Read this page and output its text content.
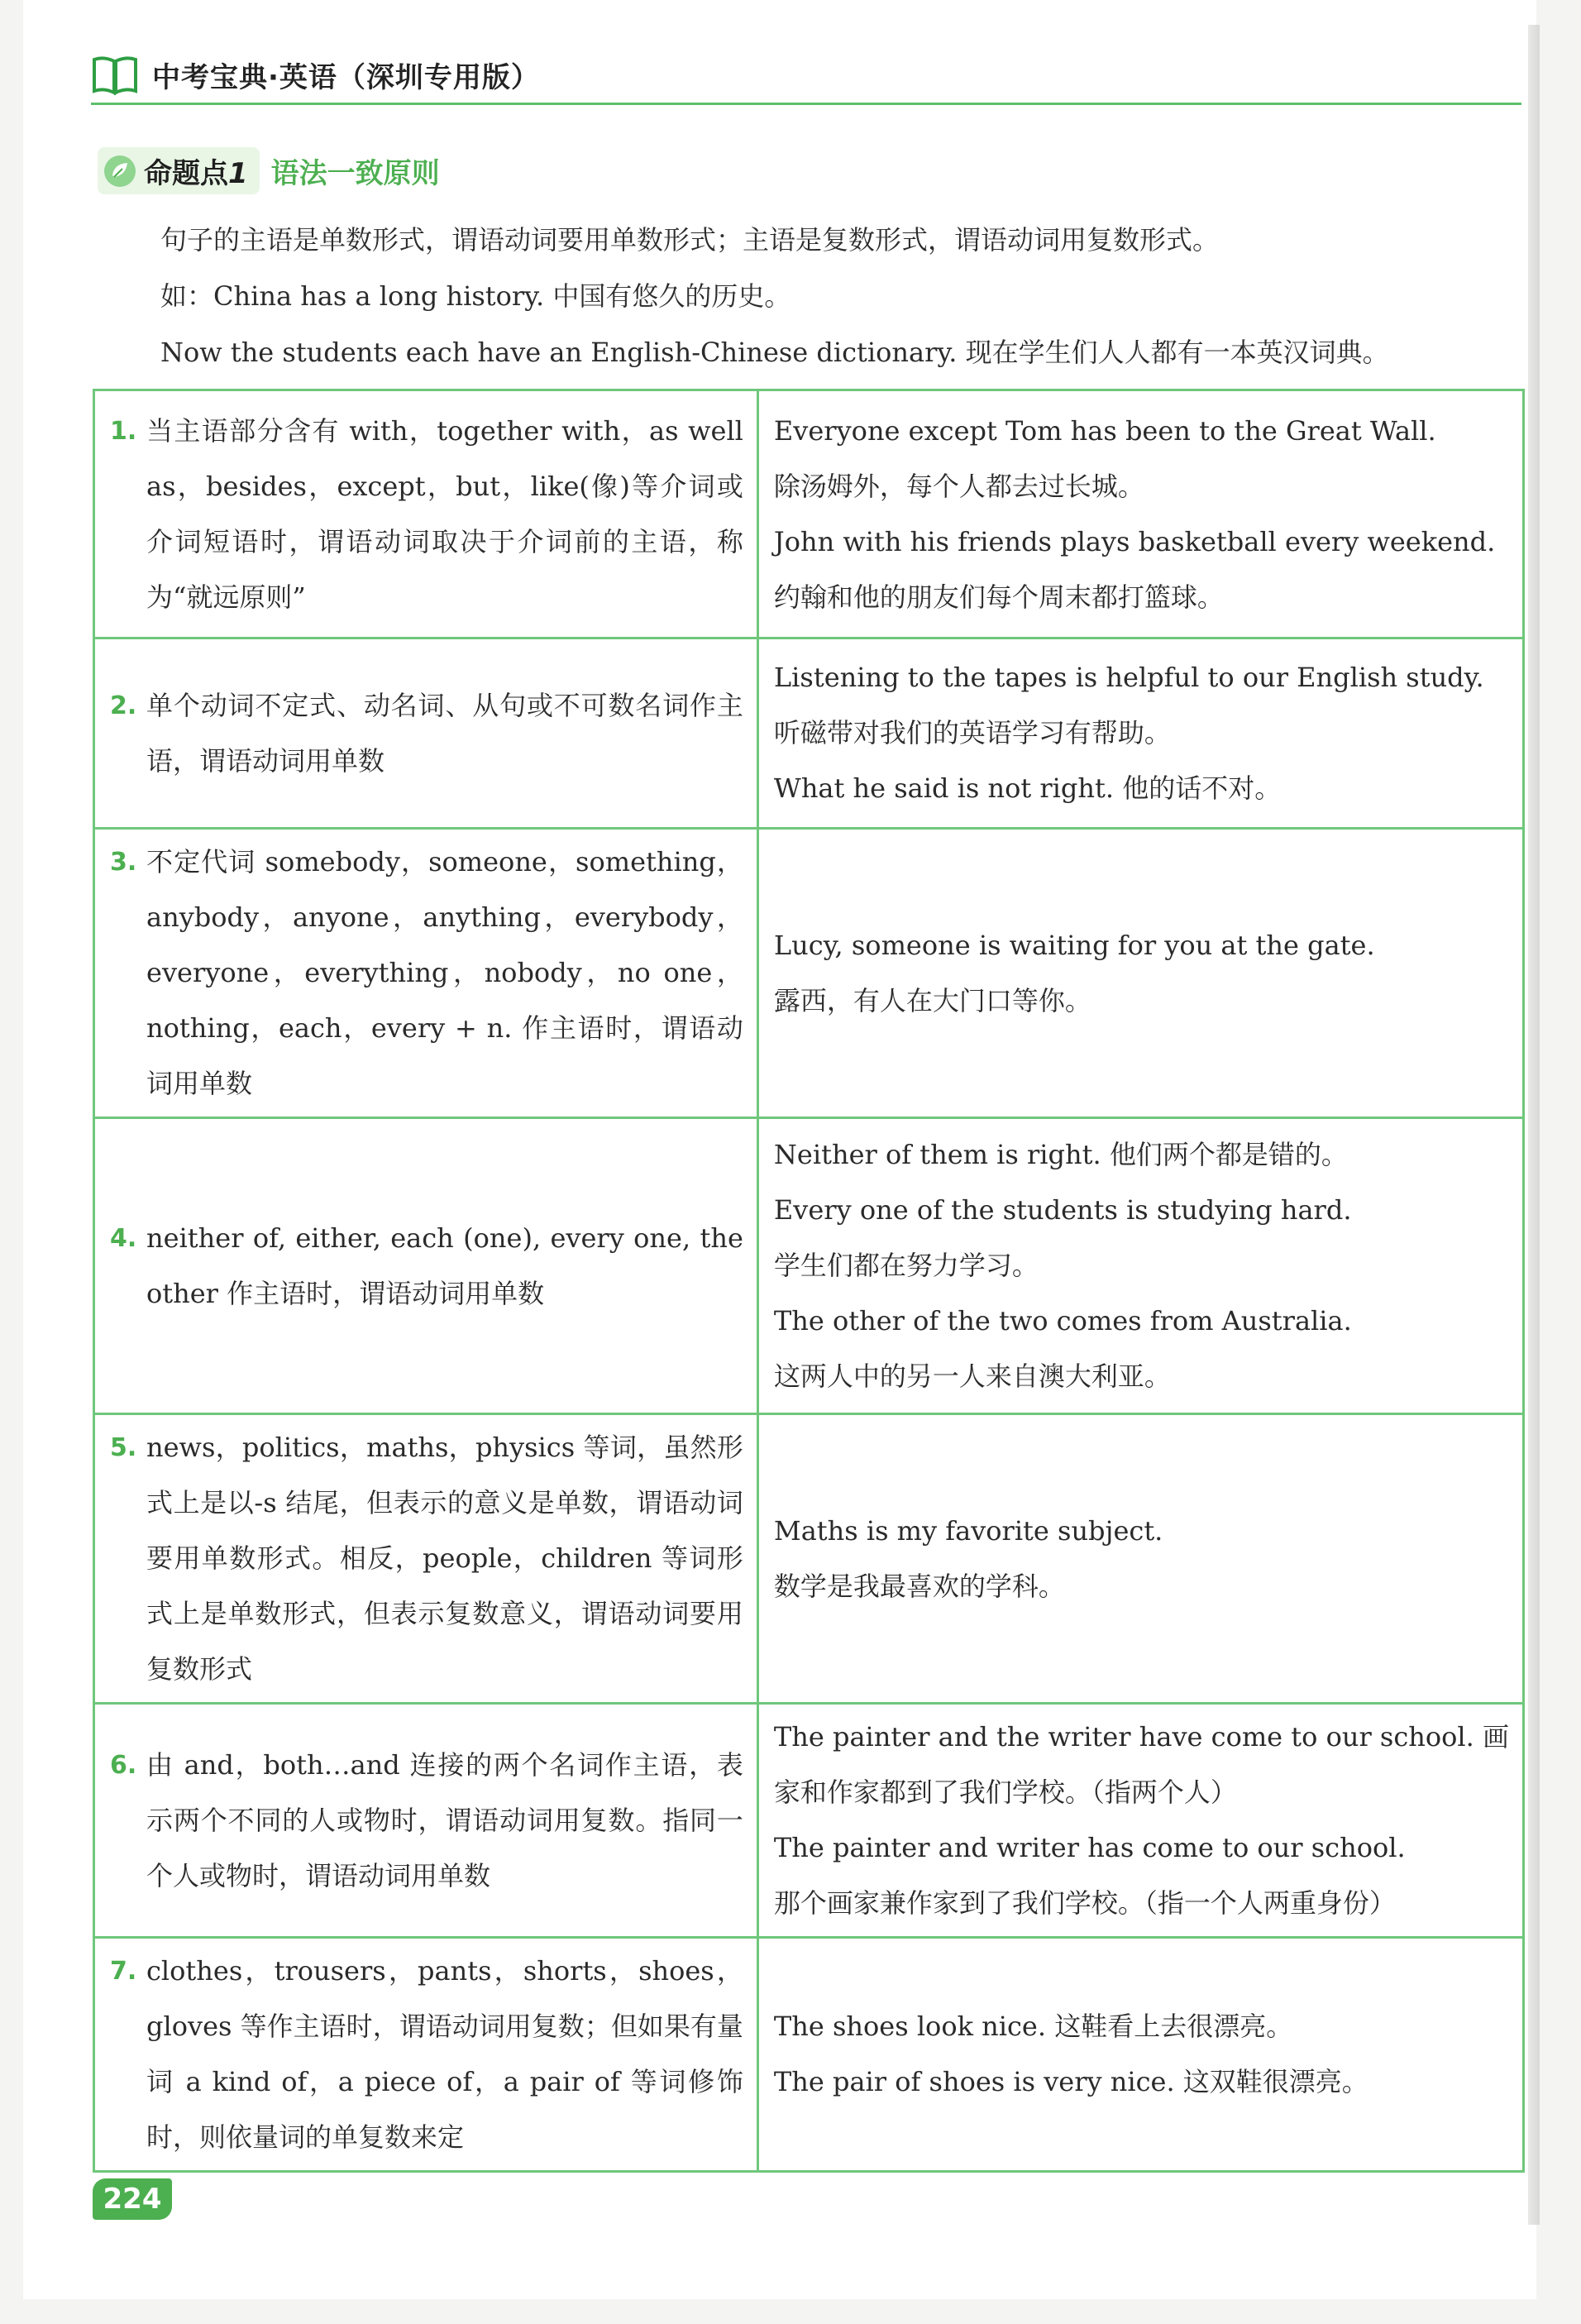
中考宝典·英语（深圳专用版）
命题点1 语法一致原则

句子的主语是单数形式，谓语动词要用单数形式；主语是复数形式，谓语动词用复数形式。

如：China has a long history. 中国有悠久的历史。

Now the students each have an English-Chinese dictionary. 现在学生们人人都有一本英汉词典。

1. 当主语部分含有 with，together with，as well as，besides，except，but，like(像)等介词或介词短语时，谓语动词取决于介词前的主语，称为“就远原则”	Everyone except Tom has been to the Great Wall.
除汤姆外，每个人都去过长城。
John with his friends plays basketball every weekend.
约翰和他的朋友们每个周末都打篮球。

2. 单个动词不定式、动名词、从句或不可数名词作主语，谓语动词用单数	Listening to the tapes is helpful to our English study.
听磁带对我们的英语学习有帮助。
What he said is not right. 他的话不对。

3. 不定代词 somebody，someone，something，anybody，anyone，anything，everybody，everyone，everything，nobody，no one，nothing，each，every + n. 作主语时，谓语动词用单数	Lucy, someone is waiting for you at the gate.
露西，有人在大门口等你。

4. neither of, either, each (one), every one, the other 作主语时，谓语动词用单数	Neither of them is right. 他们两个都是错的。
Every one of the students is studying hard.
学生们都在努力学习。
The other of the two comes from Australia.
这两人中的另一人来自澳大利亚。

5. news，politics，maths，physics 等词，虽然形式上是以-s 结尾，但表示的意义是单数，谓语动词要用单数形式。相反，people，children 等词形式上是单数形式，但表示复数意义，谓语动词要用复数形式	Maths is my favorite subject.
数学是我最喜欢的学科。

6. 由 and，both…and 连接的两个名词作主语，表示两个不同的人或物时，谓语动词用复数。指同一个人或物时，谓语动词用单数	The painter and the writer have come to our school. 画
家和作家都到了我们学校。（指两个人）
The painter and writer has come to our school.
那个画家兼作家到了我们学校。（指一个人两重身份）

7. clothes，trousers，pants，shorts，shoes，gloves 等作主语时，谓语动词用复数；但如果有量词 a kind of，a piece of，a pair of 等词修饰时，则依量词的单复数来定	The shoes look nice. 这鞋看上去很漂亮。
The pair of shoes is very nice. 这双鞋很漂亮。
224
